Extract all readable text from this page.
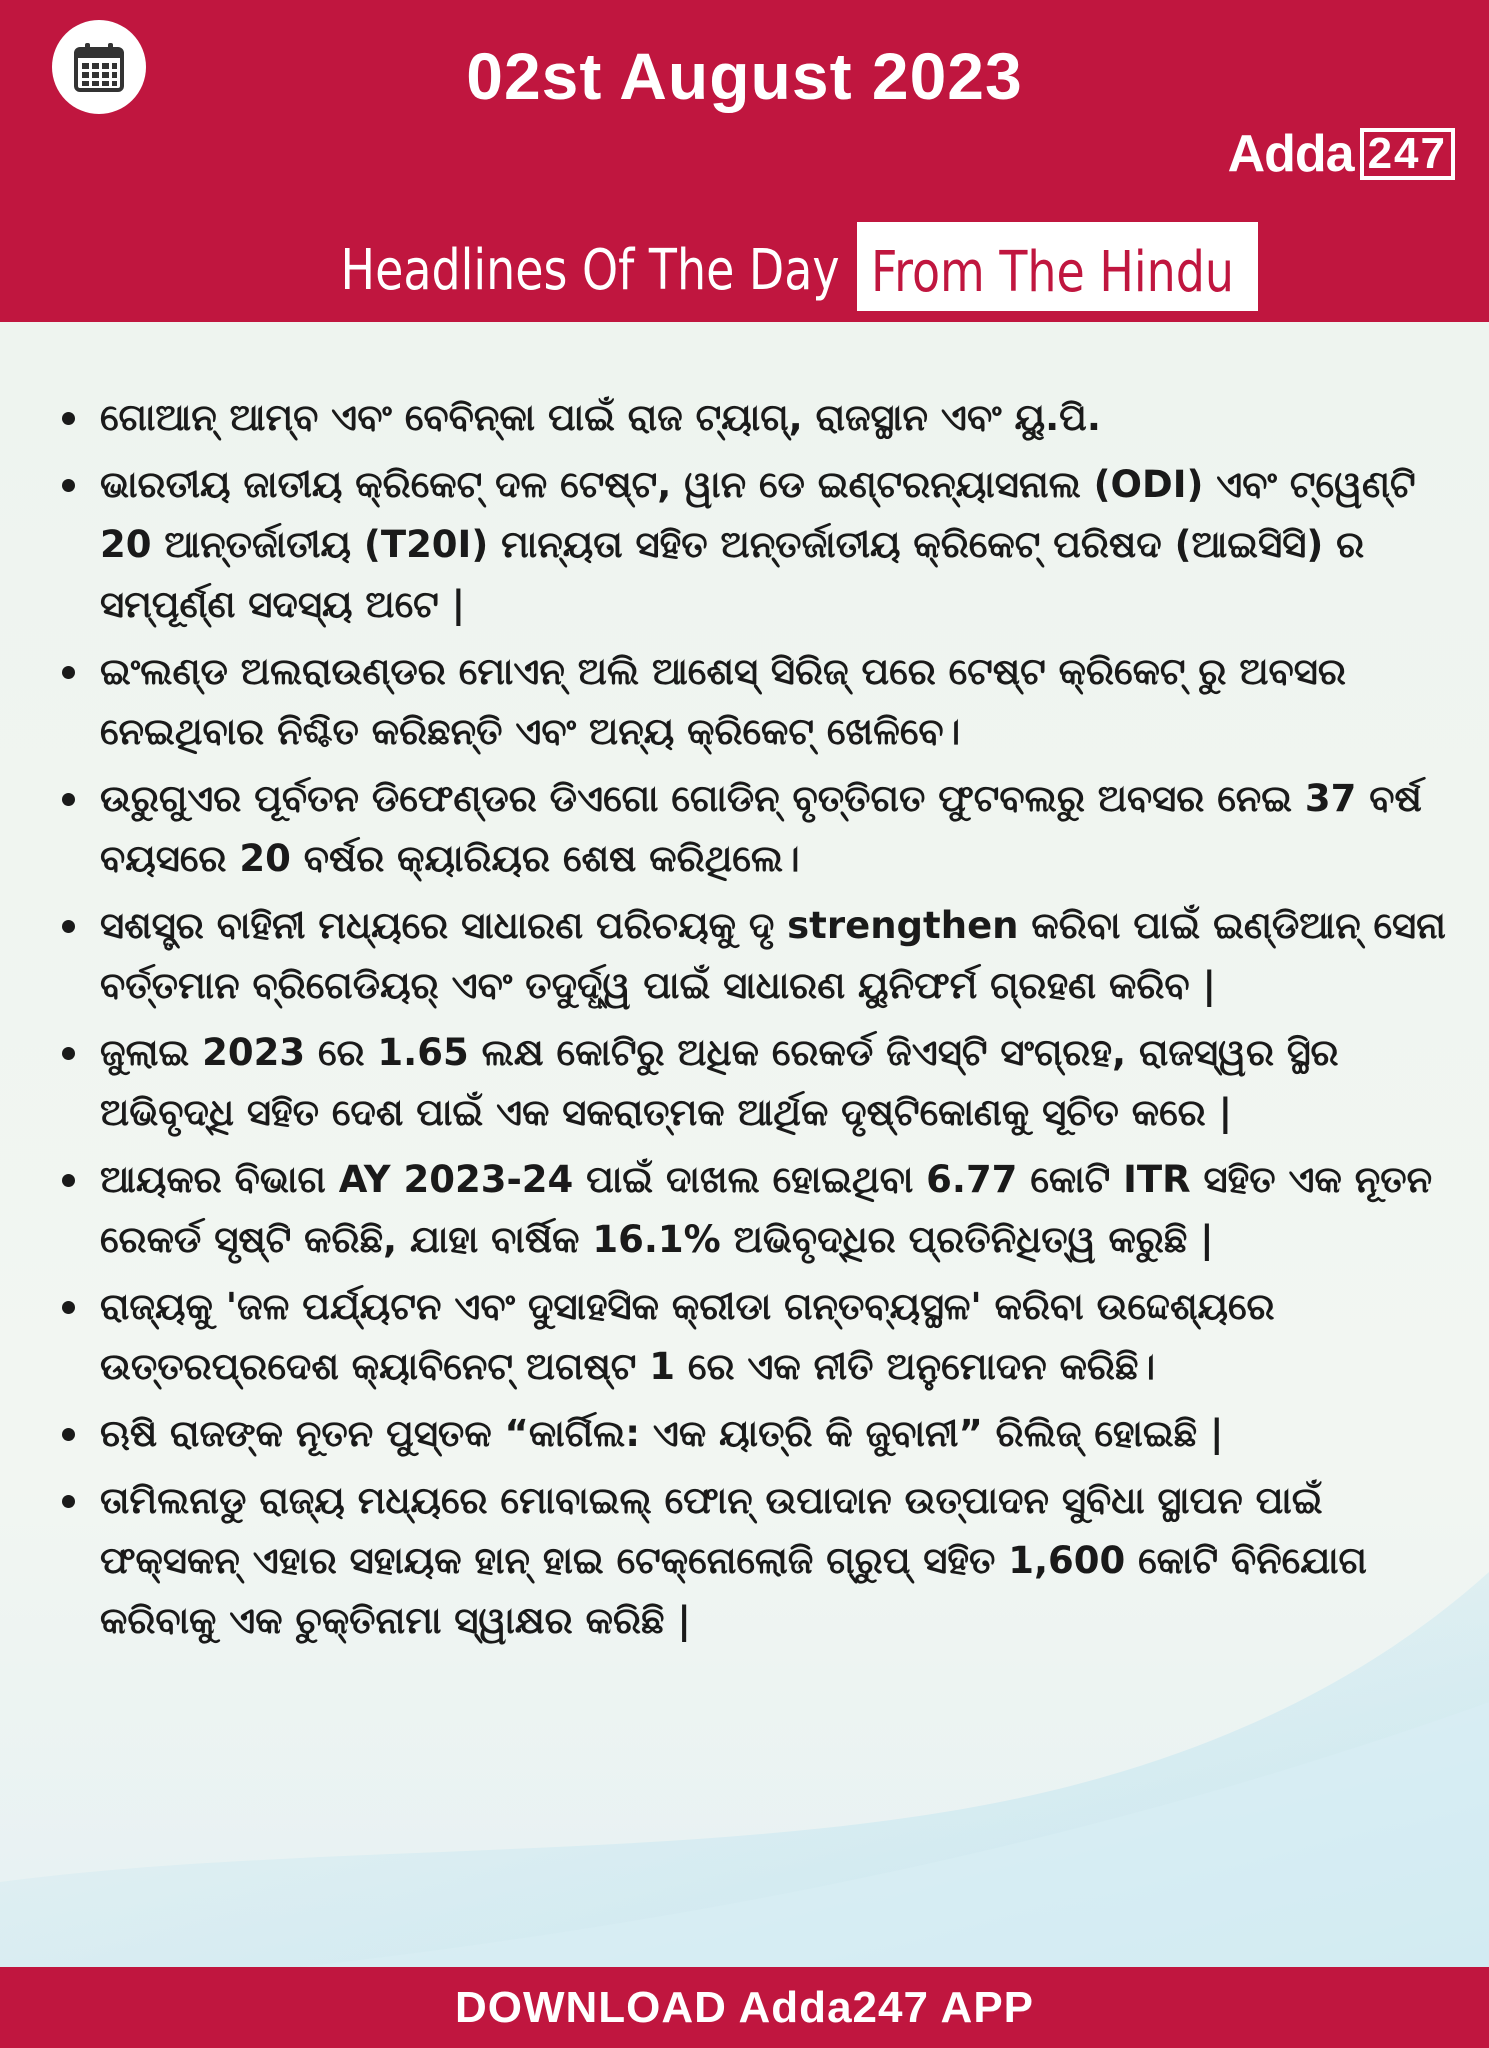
02st August 2023
Adda 247
Headlines Of The Day From The Hindu
ଗୋଆନ୍ ଆମ୍ବ ଏବଂ ବେବିନ୍କା ପାଇଁ ରାଜ ଟ୍ୟାଗ୍, ରାଜସ୍ଥାନ ଏବଂ ୟୁ.ପି.
ଭାରତୀୟ ଜାତୀୟ କ୍ରିକେଟ୍ ଦଳ ଟେଷ୍ଟ, ୱାନ ଡେ ଇଣ୍ଟରନ୍ୟାସନାଲ (ODI) ଏବଂ ଟ୍ୱେଣ୍ଟି 20 ଆନ୍ତର୍ଜାତୀୟ (T20I) ମାନ୍ୟତା ସହିତ ଅନ୍ତର୍ଜାତୀୟ କ୍ରିକେଟ୍ ପରିଷଦ (ଆଇସିସି) ର ସମ୍ପୂର୍ଣ୍ଣ ସଦସ୍ୟ ଅଟେ |
ଇଂଲଣ୍ଡ ଅଲରାଉଣ୍ଡର ମୋଏନ୍ ଅଲି ଆଶେସ୍ ସିରିଜ୍ ପରେ ଟେଷ୍ଟ କ୍ରିକେଟ୍ ରୁ ଅବସର ନେଇଥିବାର ନିଶ୍ଚିତ କରିଛନ୍ତି ଏବଂ ଅନ୍ୟ କ୍ରିକେଟ୍ ଖେଳିବେ।
ଉରୁଗୁଏର ପୂର୍ବତନ ଡିଫେଣ୍ଡର ଡିଏଗୋ ଗୋଡିନ୍ ବୃତ୍ତିଗତ ଫୁଟବଲରୁ ଅବସର ନେଇ 37 ବର୍ଷ ବୟସରେ 20 ବର୍ଷର କ୍ୟାରିୟର ଶେଷ କରିଥିଲେ।
ସଶସ୍ତ୍ର ବାହିନୀ ମଧ୍ୟରେ ସାଧାରଣ ପରିଚୟକୁ ଦୃ strengthen କରିବା ପାଇଁ ଇଣ୍ଡିଆନ୍ ସେନା ବର୍ତ୍ତମାନ ବ୍ରିଗେଡିୟର୍ ଏବଂ ତଦୁର୍ଦ୍ଧ୍ୱ ପାଇଁ ସାଧାରଣ ୟୁନିଫର୍ମ ଗ୍ରହଣ କରିବ |
ଜୁଲାଇ 2023 ରେ 1.65 ଲକ୍ଷ କୋଟିରୁ ଅଧିକ ରେକର୍ଡ ଜିଏସ୍ଟି ସଂଗ୍ରହ, ରାଜସ୍ୱର ସ୍ଥିର ଅଭିବୃଦ୍ଧି ସହିତ ଦେଶ ପାଇଁ ଏକ ସକରାତ୍ମକ ଆର୍ଥିକ ଦୃଷ୍ଟିକୋଣକୁ ସୂଚିତ କରେ |
ଆୟକର ବିଭାଗ AY 2023-24 ପାଇଁ ଦାଖଲ ହୋଇଥିବା 6.77 କୋଟି ITR ସହିତ ଏକ ନୂତନ ରେକର୍ଡ ସୃଷ୍ଟି କରିଛି, ଯାହା ବାର୍ଷିକ 16.1% ଅଭିବୃଦ୍ଧିର ପ୍ରତିନିଧିତ୍ୱ କରୁଛି |
ରାଜ୍ୟକୁ 'ଜଳ ପର୍ଯ୍ୟଟନ ଏବଂ ଦୁସାହସିକ କ୍ରୀଡା ଗନ୍ତବ୍ୟସ୍ଥଳ' କରିବା ଉଦ୍ଦେଶ୍ୟରେ ଉତ୍ତରପ୍ରଦେଶ କ୍ୟାବିନେଟ୍ ଅଗଷ୍ଟ 1 ରେ ଏକ ନୀତି ଅନୁମୋଦନ କରିଛି।
ଋଷି ରାଜଙ୍କ ନୂତନ ପୁସ୍ତକ “କାର୍ଗିଲ: ଏକ ୟାତ୍ରି କି ଜୁବାନୀ” ରିଲିଜ୍ ହୋଇଛି |
ତାମିଲନାଡୁ ରାଜ୍ୟ ମଧ୍ୟରେ ମୋବାଇଲ୍ ଫୋନ୍ ଉପାଦାନ ଉତ୍ପାଦନ ସୁବିଧା ସ୍ଥାପନ ପାଇଁ ଫକ୍ସକନ୍ ଏହାର ସହାୟକ ହାନ୍ ହାଇ ଟେକ୍ନୋଲୋଜି ଗ୍ରୁପ୍ ସହିତ 1,600 କୋଟି ବିନିଯୋଗ କରିବାକୁ ଏକ ଚୁକ୍ତିନାମା ସ୍ୱାକ୍ଷର କରିଛି |
DOWNLOAD Adda247 APP
